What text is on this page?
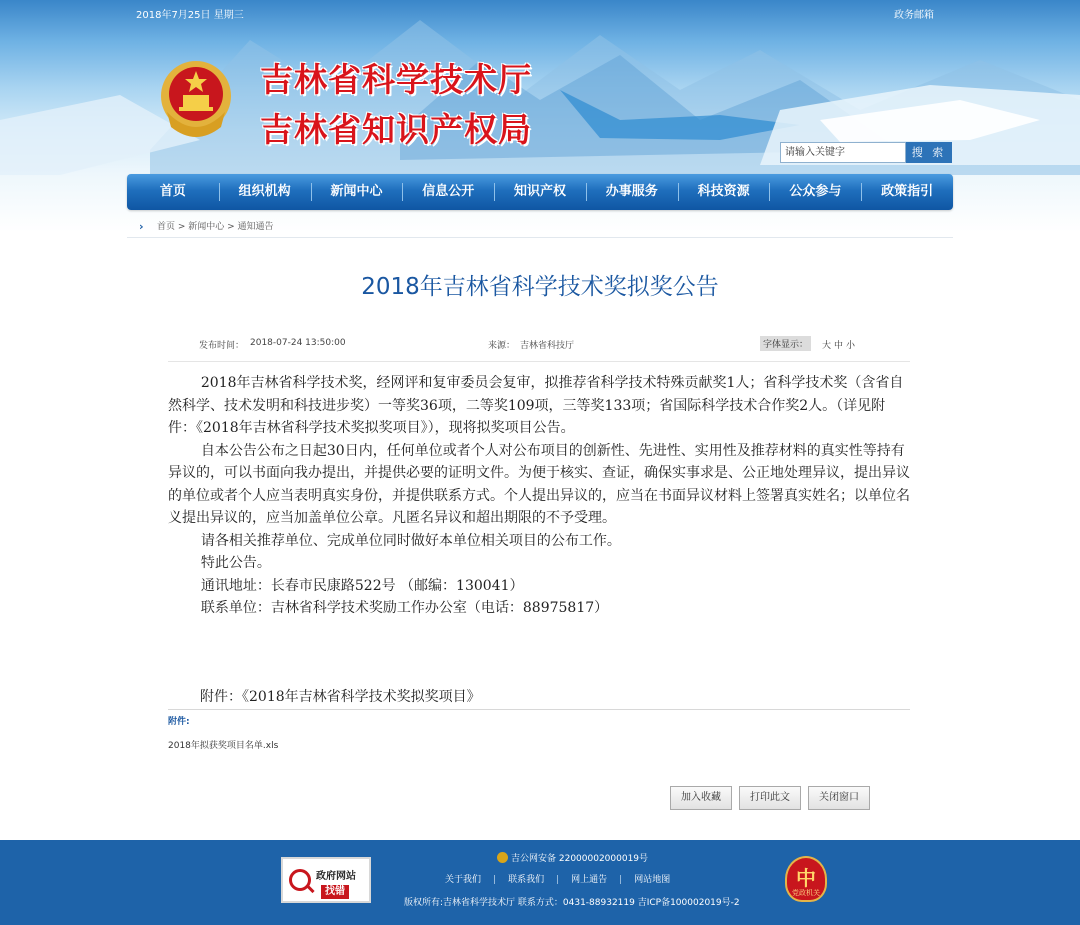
2018年7月25日 星期三	政务邮箱
吉林省科学技术厅
吉林省知识产权局
请输入关键字	搜 索
首页	组织机构	新闻中心	信息公开	知识产权	办事服务	科技资源	公众参与	政策指引
› 首页 > 新闻中心 > 通知通告
2018年吉林省科学技术奖拟奖公告
发布时间： 2018-07-24 13:50:00	来源： 吉林省科技厅	字体显示：	大 中 小

2018年吉林省科学技术奖，经网评和复审委员会复审，拟推荐省科学技术特殊贡献奖1人；省科学技术奖（含省自然科学、技术发明和科技进步奖）一等奖36项，二等奖109项，三等奖133项；省国际科学技术合作奖2人。（详见附件：《2018年吉林省科学技术奖拟奖项目》），现将拟奖项目公告。

自本公告公布之日起30日内，任何单位或者个人对公布项目的创新性、先进性、实用性及推荐材料的真实性等持有异议的，可以书面向我办提出，并提供必要的证明文件。为便于核实、查证，确保实事求是、公正地处理异议，提出异议的单位或者个人应当表明真实身份，并提供联系方式。个人提出异议的，应当在书面异议材料上签署真实姓名；以单位名义提出异议的，应当加盖单位公章。凡匿名异议和超出期限的不予受理。

请各相关推荐单位、完成单位同时做好本单位相关项目的公布工作。

特此公告。

通讯地址：长春市民康路522号 （邮编：130041）

联系单位：吉林省科学技术奖励工作办公室（电话：88975817）

附件：《2018年吉林省科学技术奖拟奖项目》
附件:
2018年拟获奖项目名单.xls
加入收藏	打印此文	关闭窗口
政府网站
找错
吉公网安备 22000002000019号
关于我们 | 联系我们 | 网上通告 | 网站地图
版权所有:吉林省科学技术厅 联系方式：0431-88932119 吉ICP备100002019号-2
中
党政机关
